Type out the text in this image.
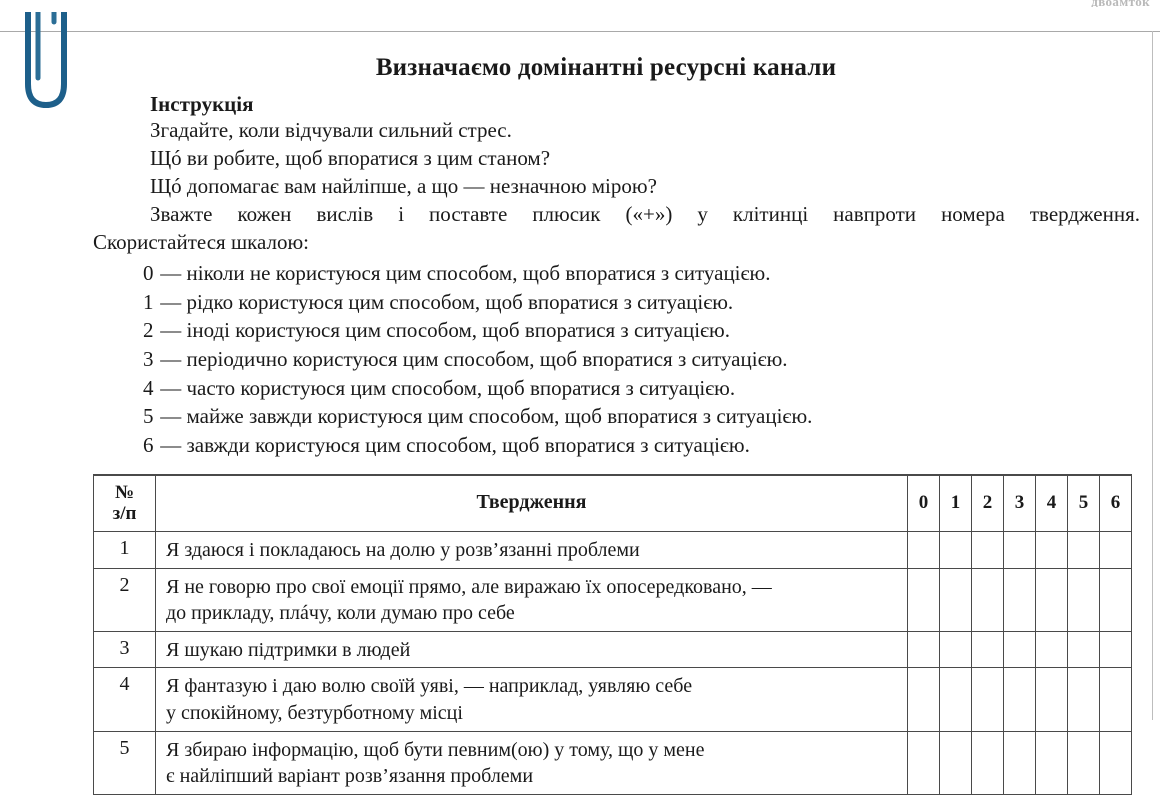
Визначаємо домінантні ресурсні канали
Інструкція
Згадайте, коли відчували сильний стрес.
Щó ви робите, щоб впоратися з цим станом?
Щó допомагає вам найліпше, а що — незначною мірою?
Зважте кожен вислів і поставте плюсик («+») у клітинці навпроти номера твердження.
Скористайтеся шкалою:
0 — ніколи не користуюся цим способом, щоб впоратися з ситуацією.
1 — рідко користуюся цим способом, щоб впоратися з ситуацією.
2 — іноді користуюся цим способом, щоб впоратися з ситуацією.
3 — періодично користуюся цим способом, щоб впоратися з ситуацією.
4 — часто користуюся цим способом, щоб впоратися з ситуацією.
5 — майже завжди користуюся цим способом, щоб впоратися з ситуацією.
6 — завжди користуюся цим способом, щоб впоратися з ситуацією.
№
з/п	Твердження	0	1	2	3	4	5	6
1	Я здаюся і покладаюсь на долю у розв’язанні проблеми							

2	Я не говорю про свої емоції прямо, але виражаю їх опосередковано, —
до прикладу, плáчу, коли думаю про себе							

3	Я шукаю підтримки в людей							

4	Я фантазую і даю волю своїй уяві, — наприклад, уявляю себе
у спокійному, безтурботному місці							

5	Я збираю інформацію, щоб бути певним(ою) у тому, що у мене
є найліпший варіант розв’язання проблеми							
